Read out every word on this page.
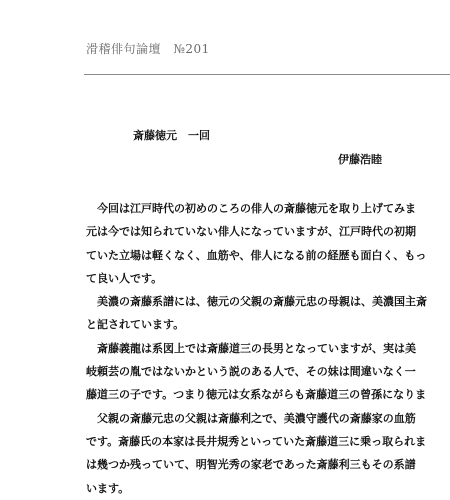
滑稽俳句論壇　№201
斎藤徳元　一回
伊藤浩睦
　今回は江戸時代の初めのころの俳人の斎藤徳元を取り上げてみま
元は今では知られていない俳人になっていますが、江戸時代の初期
ていた立場は軽くなく、血筋や、俳人になる前の経歴も面白く、もっ
て良い人です。
　美濃の斎藤系譜には、徳元の父親の斎藤元忠の母親は、美濃国主斎
と記されています。
　斎藤義龍は系図上では斎藤道三の長男となっていますが、実は美
岐頼芸の胤ではないかという説のある人で、その妹は間違いなく一
藤道三の子です。つまり徳元は女系ながらも斎藤道三の曾孫になりま
　父親の斎藤元忠の父親は斎藤利之で、美濃守護代の斎藤家の血筋
です。斎藤氏の本家は長井規秀といっていた斎藤道三に乗っ取られま
は幾つか残っていて、明智光秀の家老であった斎藤利三もその系譜
います。
